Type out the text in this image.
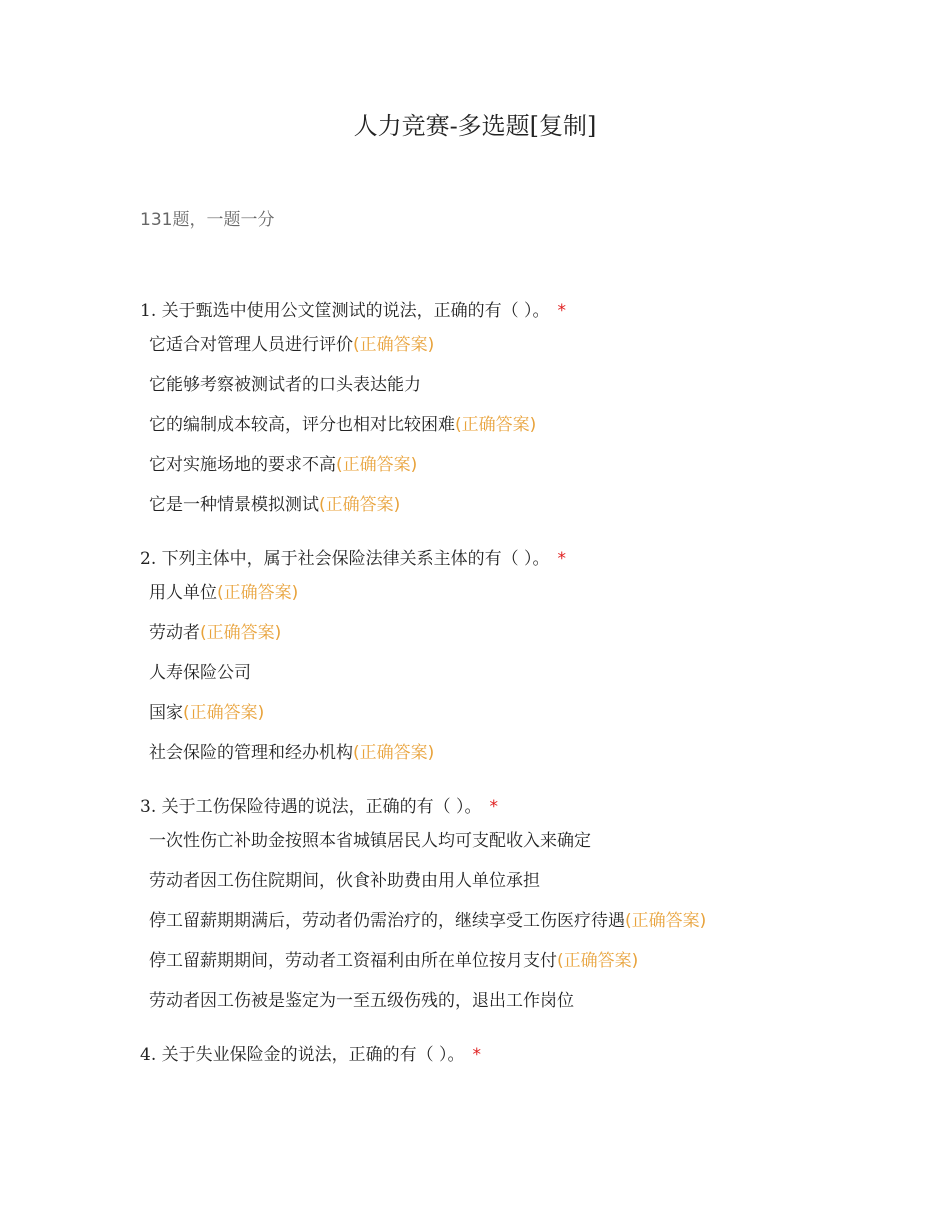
人力竞赛-多选题[复制]
131题，一题一分
1. 关于甄选中使用公文筐测试的说法，正确的有（ ）。 *
它适合对管理人员进行评价(正确答案)
它能够考察被测试者的口头表达能力
它的编制成本较高，评分也相对比较困难(正确答案)
它对实施场地的要求不高(正确答案)
它是一种情景模拟测试(正确答案)
2. 下列主体中，属于社会保险法律关系主体的有（ ）。 *
用人单位(正确答案)
劳动者(正确答案)
人寿保险公司
国家(正确答案)
社会保险的管理和经办机构(正确答案)
3. 关于工伤保险待遇的说法，正确的有（ ）。 *
一次性伤亡补助金按照本省城镇居民人均可支配收入来确定
劳动者因工伤住院期间，伙食补助费由用人单位承担
停工留薪期期满后，劳动者仍需治疗的，继续享受工伤医疗待遇(正确答案)
停工留薪期期间，劳动者工资福利由所在单位按月支付(正确答案)
劳动者因工伤被是鉴定为一至五级伤残的，退出工作岗位
4. 关于失业保险金的说法，正确的有（ ）。 *
